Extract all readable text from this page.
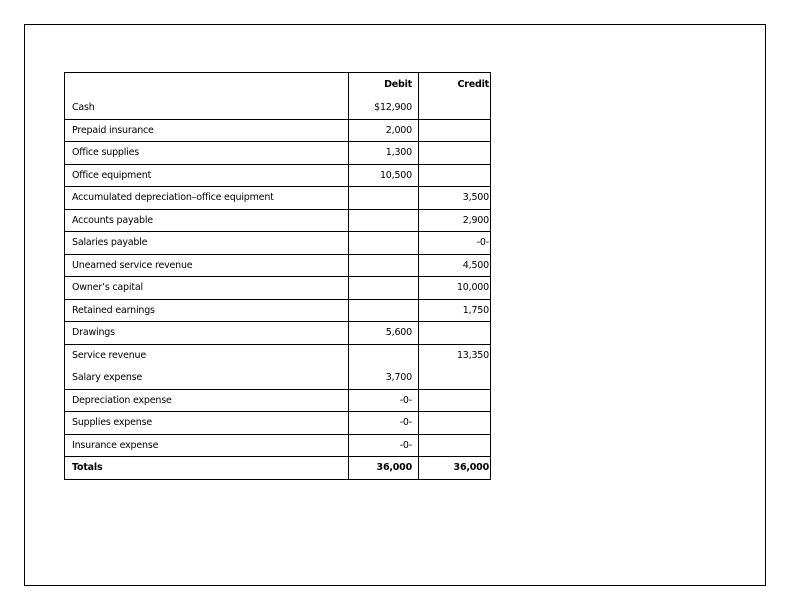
	Debit	Credit
Cash	$12,900	
Prepaid insurance	2,000	
Office supplies	1,300	
Office equipment	10,500	
Accumulated depreciation–office equipment		3,500
Accounts payable		2,900
Salaries payable		-0-
Unearned service revenue		4,500
Owner’s capital		10,000
Retained earnings		1,750
Drawings	5,600	
Service revenue		13,350
Salary expense	3,700	
Depreciation expense	-0-	
Supplies expense	-0-	
Insurance expense	-0-	
Totals	36,000	36,000
